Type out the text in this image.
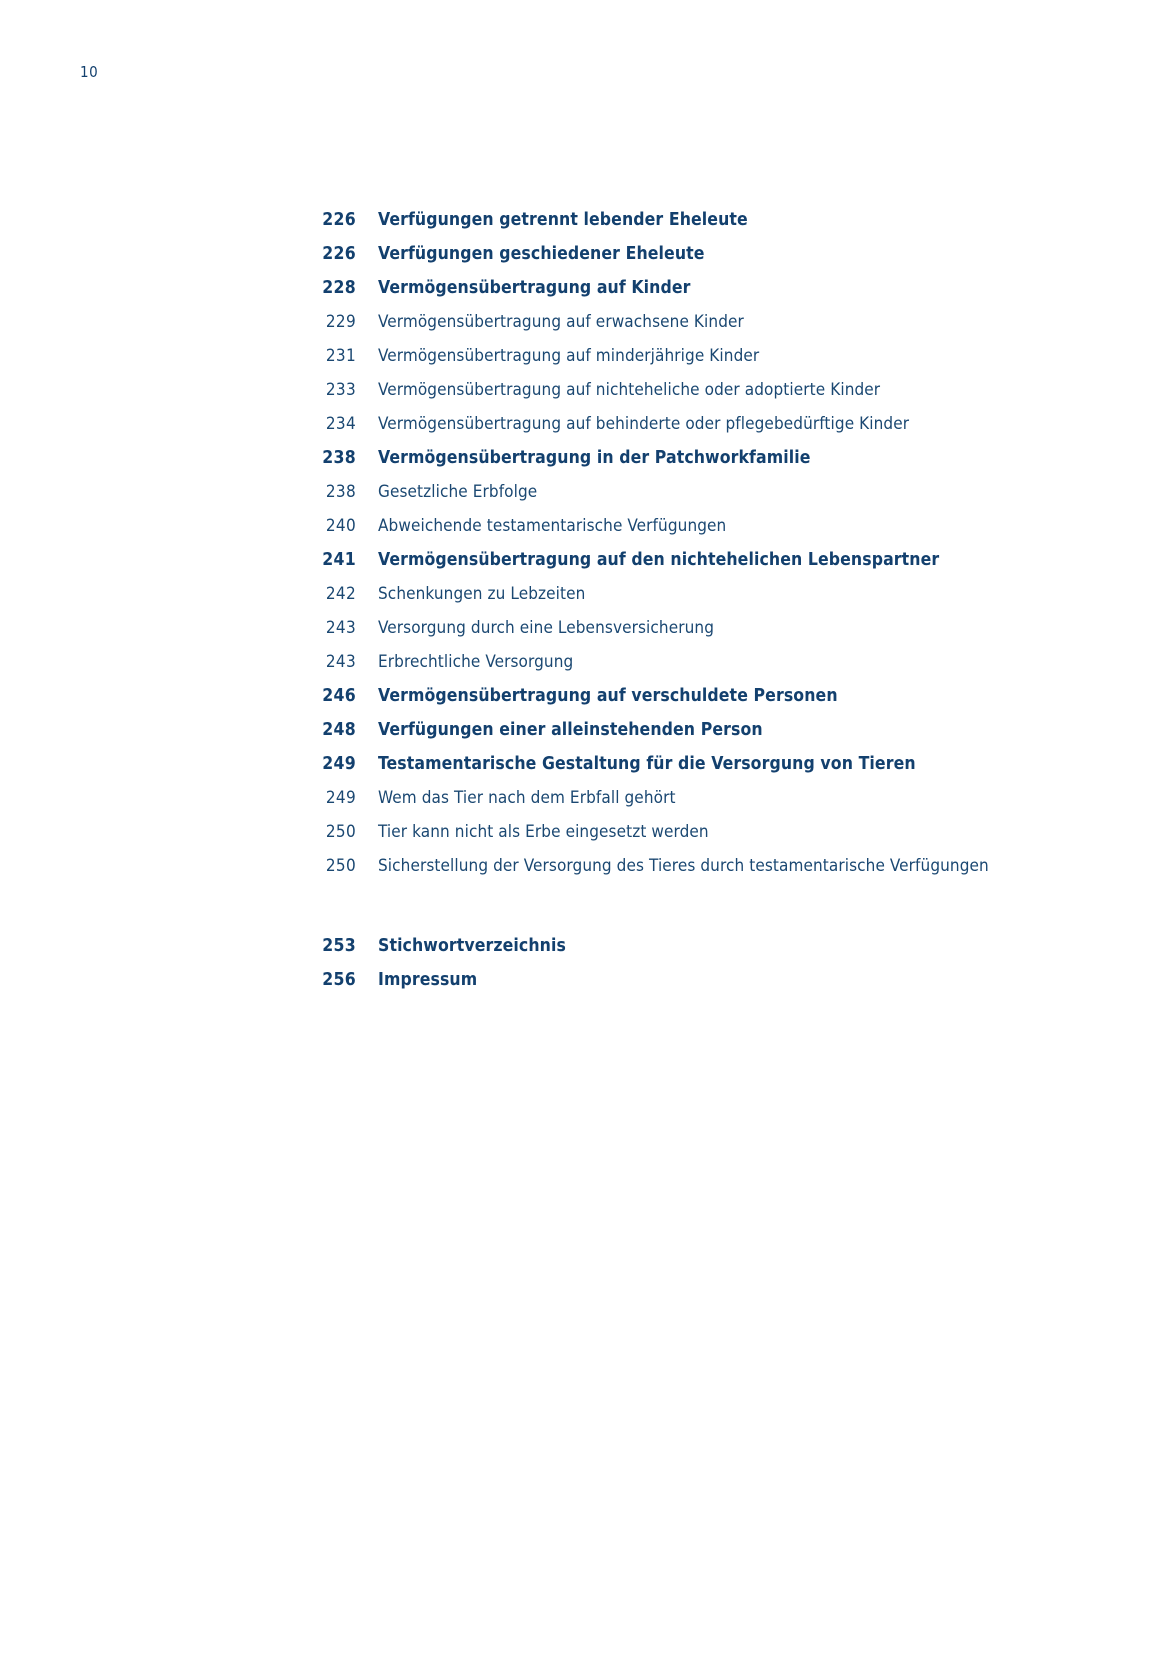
10
226	Verfügungen getrennt lebender Eheleute
226	Verfügungen geschiedener Eheleute
228	Vermögensübertragung auf Kinder
229	Vermögensübertragung auf erwachsene Kinder
231	Vermögensübertragung auf minderjährige Kinder
233	Vermögensübertragung auf nichteheliche oder adoptierte Kinder
234	Vermögensübertragung auf behinderte oder pflegebedürftige Kinder
238	Vermögensübertragung in der Patchworkfamilie
238	Gesetzliche Erbfolge
240	Abweichende testamentarische Verfügungen
241	Vermögensübertragung auf den nichtehelichen Lebenspartner
242	Schenkungen zu Lebzeiten
243	Versorgung durch eine Lebensversicherung
243	Erbrechtliche Versorgung
246	Vermögensübertragung auf verschuldete Personen
248	Verfügungen einer alleinstehenden Person
249	Testamentarische Gestaltung für die Versorgung von Tieren
249	Wem das Tier nach dem Erbfall gehört
250	Tier kann nicht als Erbe eingesetzt werden
250	Sicherstellung der Versorgung des Tieres durch testamentarische Verfügungen
253	Stichwortverzeichnis
256	Impressum
